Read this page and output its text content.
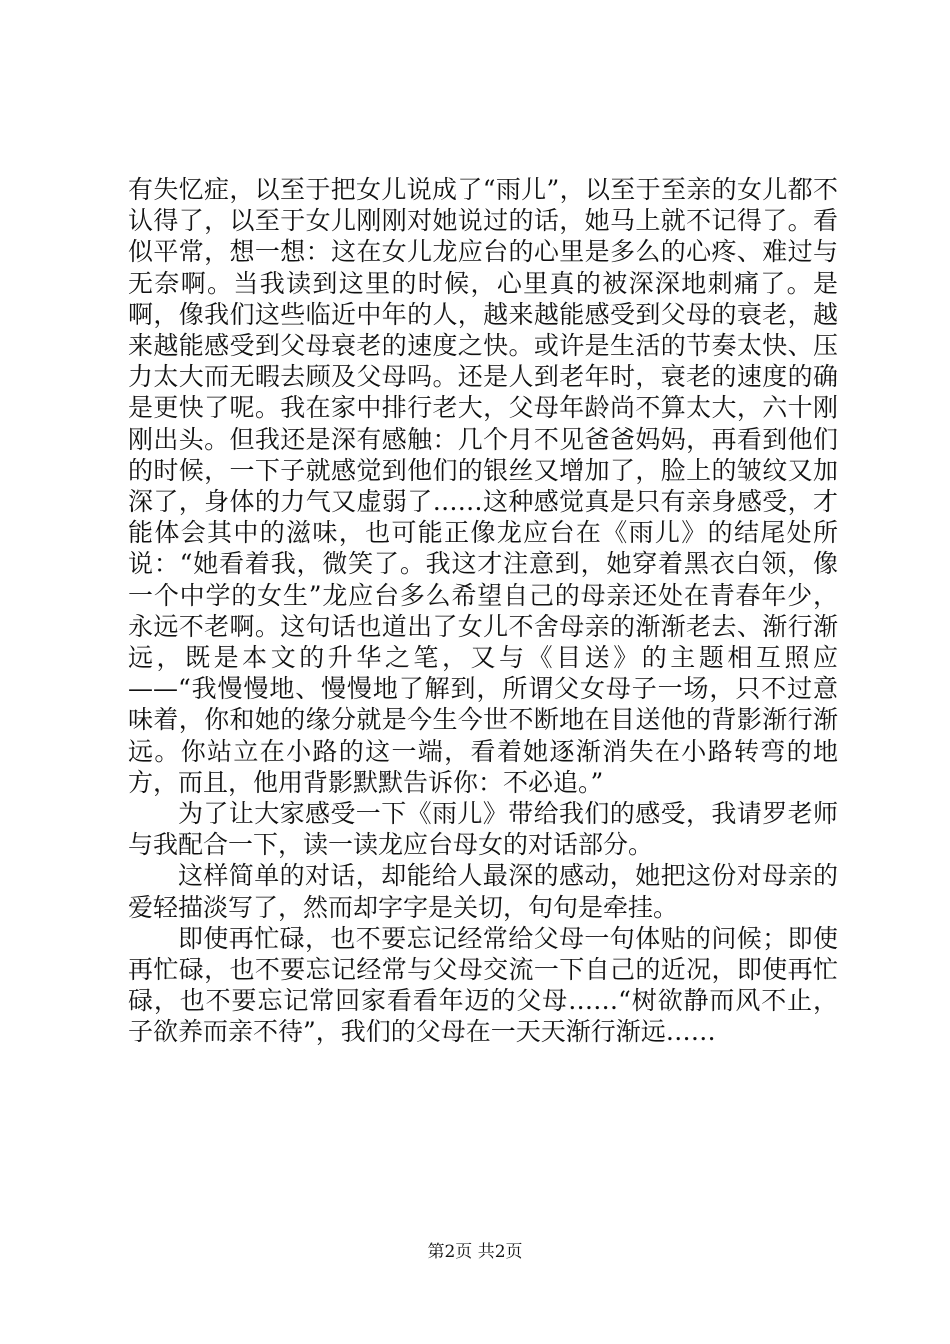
有失忆症，以至于把女儿说成了“雨儿”，以至于至亲的女儿都不认得了，以至于女儿刚刚对她说过的话，她马上就不记得了。看似平常，想一想：这在女儿龙应台的心里是多么的心疼、难过与无奈啊。当我读到这里的时候，心里真的被深深地刺痛了。是啊，像我们这些临近中年的人，越来越能感受到父母的衰老，越来越能感受到父母衰老的速度之快。或许是生活的节奏太快、压力太大而无暇去顾及父母吗。还是人到老年时，衰老的速度的确是更快了呢。我在家中排行老大，父母年龄尚不算太大，六十刚刚出头。但我还是深有感触：几个月不见爸爸妈妈，再看到他们的时候，一下子就感觉到他们的银丝又增加了，脸上的皱纹又加深了，身体的力气又虚弱了……这种感觉真是只有亲身感受，才能体会其中的滋味，也可能正像龙应台在《雨儿》的结尾处所说：“她看着我，微笑了。我这才注意到，她穿着黑衣白领，像一个中学的女生”龙应台多么希望自己的母亲还处在青春年少，永远不老啊。这句话也道出了女儿不舍母亲的渐渐老去、渐行渐远，既是本文的升华之笔，又与《目送》的主题相互照应——“我慢慢地、慢慢地了解到，所谓父女母子一场，只不过意味着，你和她的缘分就是今生今世不断地在目送他的背影渐行渐远。你站立在小路的这一端，看着她逐渐消失在小路转弯的地方，而且，他用背影默默告诉你：不必追。”

为了让大家感受一下《雨儿》带给我们的感受，我请罗老师与我配合一下，读一读龙应台母女的对话部分。

这样简单的对话，却能给人最深的感动，她把这份对母亲的爱轻描淡写了，然而却字字是关切，句句是牵挂。

即使再忙碌，也不要忘记经常给父母一句体贴的问候；即使再忙碌，也不要忘记经常与父母交流一下自己的近况，即使再忙碌，也不要忘记常回家看看年迈的父母……“树欲静而风不止，子欲养而亲不待”，我们的父母在一天天渐行渐远……

第2页 共2页
